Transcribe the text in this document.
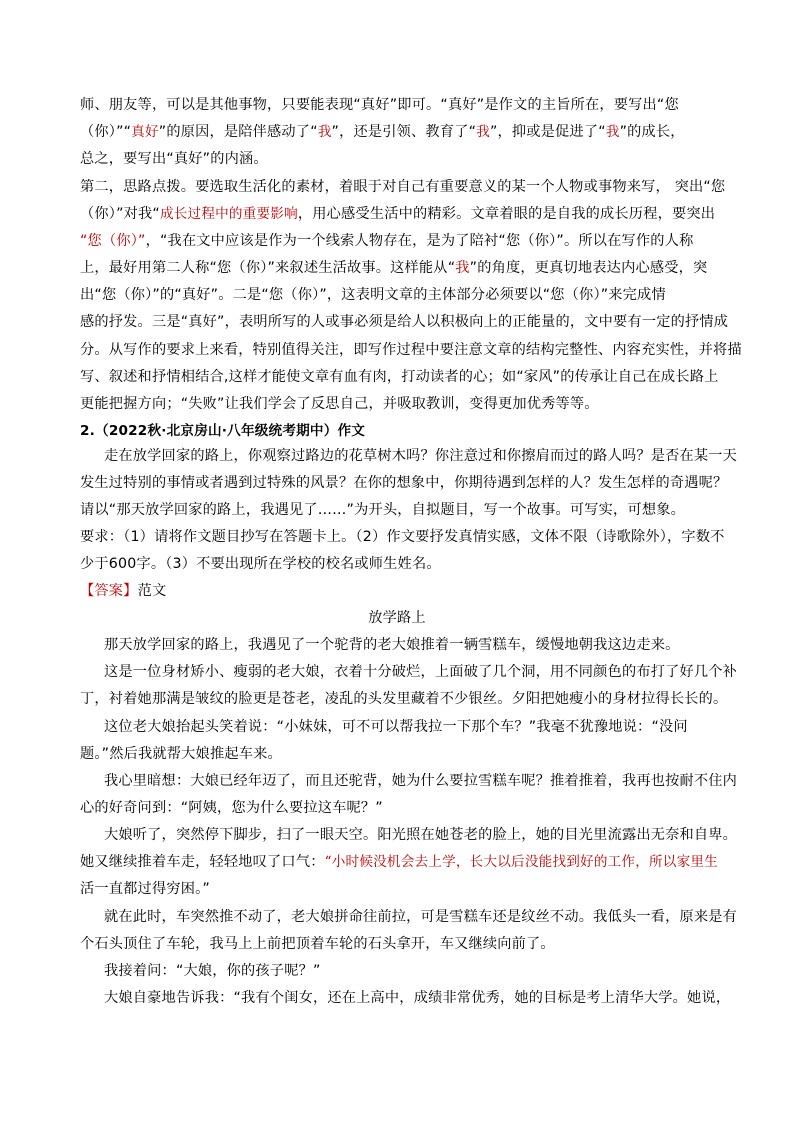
师、朋友等，可以是其他事物，只要能表现“真好”即可。“真好”是作文的主旨所在，要写出“您
（你）”“真好”的原因，是陪伴感动了“我”，还是引领、教育了“我”，抑或是促进了“我”的成长，
总之，要写出“真好”的内涵。
第二，思路点拨。要选取生活化的素材，着眼于对自己有重要意义的某一个人物或事物来写， 突出“您
（你）”对我“成长过程中的重要影响，用心感受生活中的精彩。文章着眼的是自我的成长历程，要突出
“您（你）”，“我在文中应该是作为一个线索人物存在，是为了陪衬“您（你）”。所以在写作的人称
上，最好用第二人称“您（你）”来叙述生活故事。这样能从“我”的角度，更真切地表达内心感受，突
出“您（你）”的“真好”。二是“您（你）”，这表明文章的主体部分必须要以“您（你）”来完成情
感的抒发。三是“真好”，表明所写的人或事必须是给人以积极向上的正能量的，文中要有一定的抒情成
分。从写作的要求上来看，特别值得关注，即写作过程中要注意文章的结构完整性、内容充实性，并将描
写、叙述和抒情相结合,这样才能使文章有血有肉，打动读者的心；如“家风”的传承让自己在成长路上
更能把握方向；“失败”让我们学会了反思自己，并吸取教训，变得更加优秀等等。
2.（2022秋·北京房山·八年级统考期中）作文
走在放学回家的路上，你观察过路边的花草树木吗？你注意过和你擦肩而过的路人吗？是否在某一天
发生过特别的事情或者遇到过特殊的风景？在你的想象中，你期待遇到怎样的人？发生怎样的奇遇呢？
请以“那天放学回家的路上，我遇见了……”为开头，自拟题目，写一个故事。可写实，可想象。
要求：（1）请将作文题目抄写在答题卡上。（2）作文要抒发真情实感，文体不限（诗歌除外），字数不
少于600字。（3）不要出现所在学校的校名或师生姓名。
【答案】范文
放学路上
那天放学回家的路上，我遇见了一个驼背的老大娘推着一辆雪糕车，缓慢地朝我这边走来。
这是一位身材矫小、瘦弱的老大娘，衣着十分破烂，上面破了几个洞，用不同颜色的布打了好几个补
丁，衬着她那满是皱纹的脸更是苍老，凌乱的头发里藏着不少银丝。夕阳把她瘦小的身材拉得长长的。
这位老大娘抬起头笑着说：“小妹妹，可不可以帮我拉一下那个车？”我毫不犹豫地说：“没问
题。”然后我就帮大娘推起车来。
我心里暗想：大娘已经年迈了，而且还驼背，她为什么要拉雪糕车呢？推着推着，我再也按耐不住内
心的好奇问到：“阿姨，您为什么要拉这车呢？”
大娘听了，突然停下脚步，扫了一眼天空。阳光照在她苍老的脸上，她的目光里流露出无奈和自卑。
她又继续推着车走，轻轻地叹了口气：“小时候没机会去上学，长大以后没能找到好的工作，所以家里生
活一直都过得穷困。”
就在此时，车突然推不动了，老大娘拼命往前拉，可是雪糕车还是纹丝不动。我低头一看，原来是有
个石头顶住了车轮，我马上上前把顶着车轮的石头拿开，车又继续向前了。
我接着问：“大娘，你的孩子呢？”
大娘自豪地告诉我：“我有个闺女，还在上高中，成绩非常优秀，她的目标是考上清华大学。她说，
